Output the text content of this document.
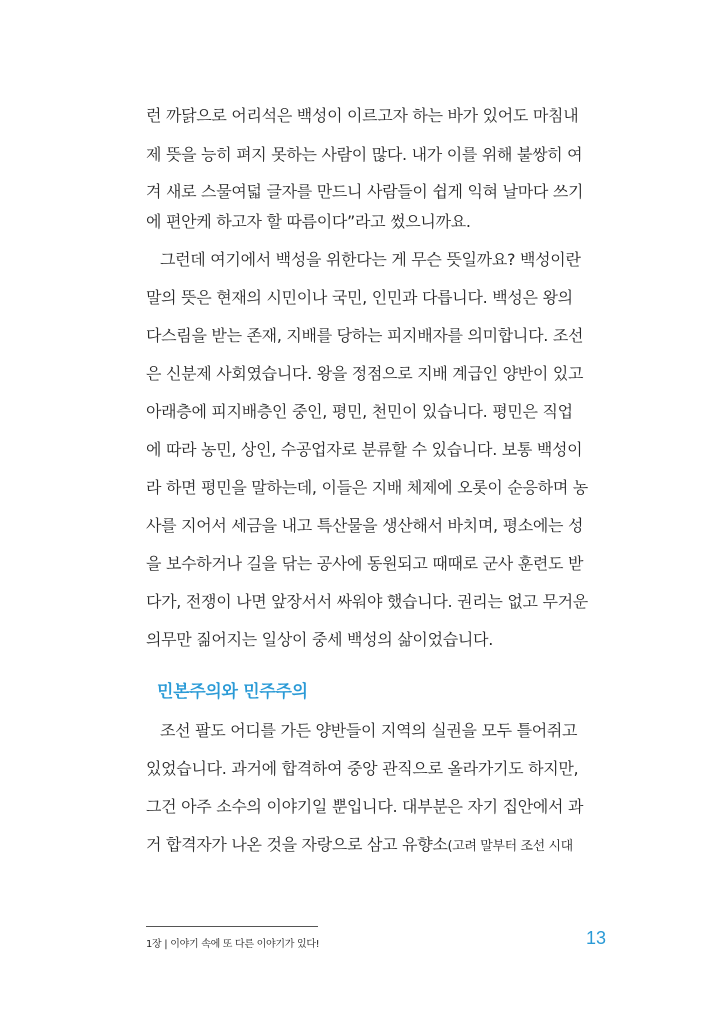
런 까닭으로 어리석은 백성이 이르고자 하는 바가 있어도 마침내
제 뜻을 능히 펴지 못하는 사람이 많다. 내가 이를 위해 불쌍히 여
겨 새로 스물여덟 글자를 만드니 사람들이 쉽게 익혀 날마다 쓰기
에 편안케 하고자 할 따름이다”라고 썼으니까요.
그런데 여기에서 백성을 위한다는 게 무슨 뜻일까요? 백성이란
말의 뜻은 현재의 시민이나 국민, 인민과 다릅니다. 백성은 왕의
다스림을 받는 존재, 지배를 당하는 피지배자를 의미합니다. 조선
은 신분제 사회였습니다. 왕을 정점으로 지배 계급인 양반이 있고
아래층에 피지배층인 중인, 평민, 천민이 있습니다. 평민은 직업
에 따라 농민, 상인, 수공업자로 분류할 수 있습니다. 보통 백성이
라 하면 평민을 말하는데, 이들은 지배 체제에 오롯이 순응하며 농
사를 지어서 세금을 내고 특산물을 생산해서 바치며, 평소에는 성
을 보수하거나 길을 닦는 공사에 동원되고 때때로 군사 훈련도 받
다가, 전쟁이 나면 앞장서서 싸워야 했습니다. 권리는 없고 무거운
의무만 짊어지는 일상이 중세 백성의 삶이었습니다.
민본주의와 민주주의
조선 팔도 어디를 가든 양반들이 지역의 실권을 모두 틀어쥐고
있었습니다. 과거에 합격하여 중앙 관직으로 올라가기도 하지만,
그건 아주 소수의 이야기일 뿐입니다. 대부분은 자기 집안에서 과
거 합격자가 나온 것을 자랑으로 삼고 유향소(고려 말부터 조선 시대
1장 | 이야기 속에 또 다른 이야기가 있다!	13
